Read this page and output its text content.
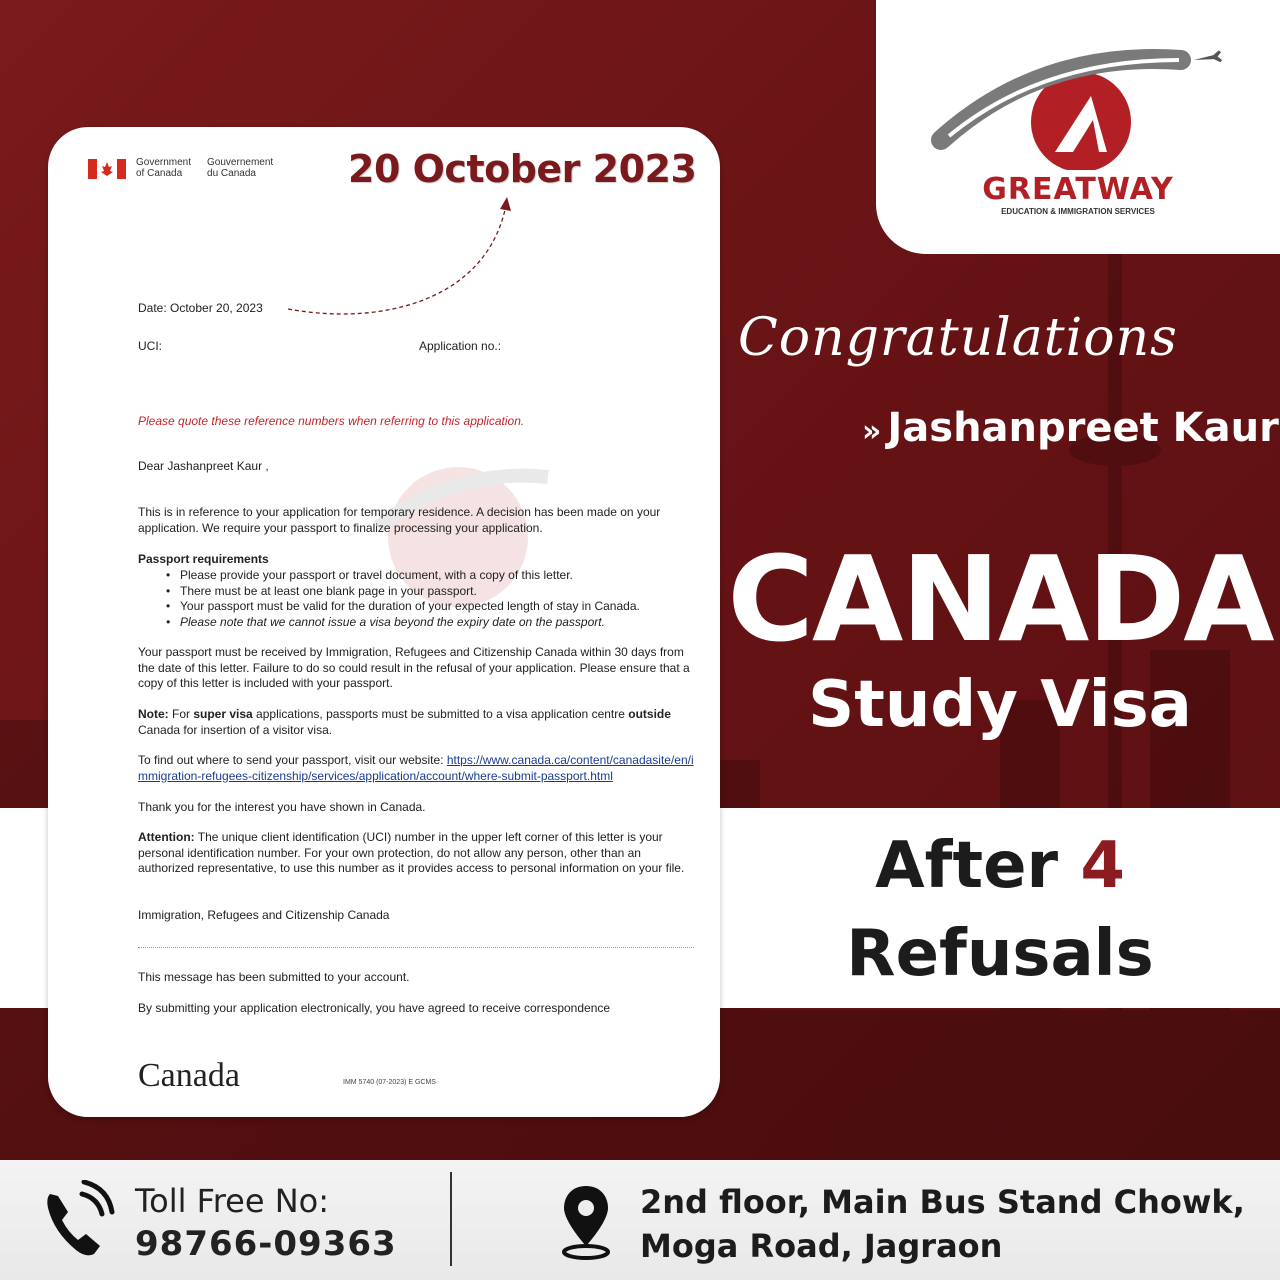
Government
of Canada
Gouvernement
du Canada	20 October 2023
Date: October 20, 2023
UCI:	Application no.:
Please quote these reference numbers when referring to this application.
Dear Jashanpreet Kaur ,
This is in reference to your application for temporary residence. A decision has been made on your application. We require your passport to finalize processing your application.
Passport requirements
• Please provide your passport or travel document, with a copy of this letter.
• There must be at least one blank page in your passport.
• Your passport must be valid for the duration of your expected length of stay in Canada.
• Please note that we cannot issue a visa beyond the expiry date on the passport.
Your passport must be received by Immigration, Refugees and Citizenship Canada within 30 days from the date of this letter. Failure to do so could result in the refusal of your application. Please ensure that a copy of this letter is included with your passport.
Note: For super visa applications, passports must be submitted to a visa application centre outside Canada for insertion of a visitor visa.
To find out where to send your passport, visit our website: https://www.canada.ca/content/canadasite/en/immigration-refugees-citizenship/services/application/account/where-submit-passport.html
Thank you for the interest you have shown in Canada.
Attention: The unique client identification (UCI) number in the upper left corner of this letter is your personal identification number. For your own protection, do not allow any person, other than an authorized representative, to use this number as it provides access to personal information on your file.
Immigration, Refugees and Citizenship Canada
This message has been submitted to your account.
By submitting your application electronically, you have agreed to receive correspondence
Canada	IMM 5740 (07-2023) E GCMS
GREATWAY
EDUCATION & IMMIGRATION SERVICES
Congratulations
» Jashanpreet Kaur
CANADA
Study Visa
After 4
Refusals
Toll Free No:
98766-09363
2nd floor, Main Bus Stand Chowk,
Moga Road, Jagraon
